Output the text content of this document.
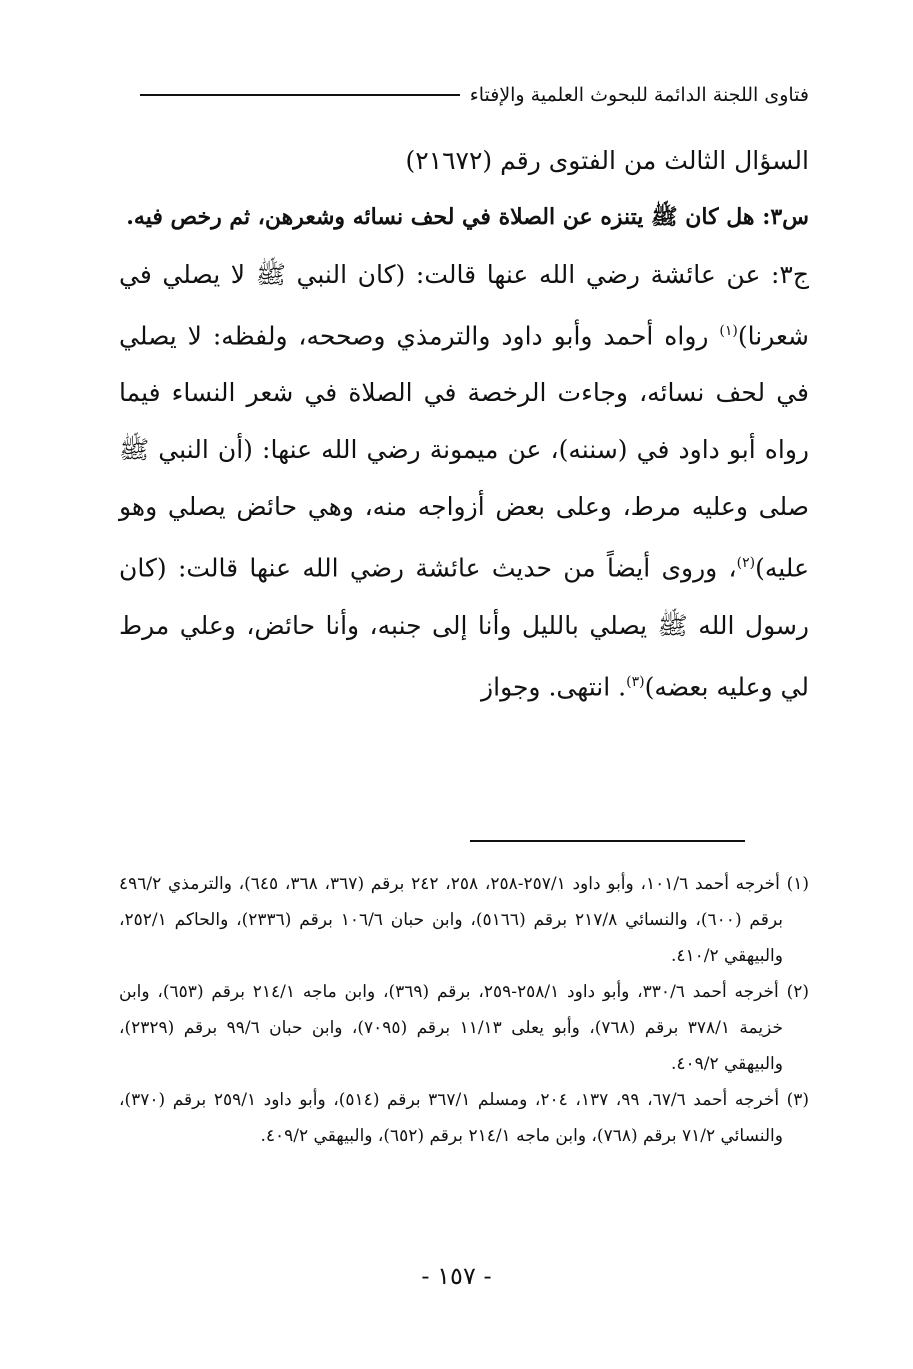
فتاوى اللجنة الدائمة للبحوث العلمية والإفتاء

السؤال الثالث من الفتوى رقم (٢١٦٧٢)

س٣: هل كان ﷺ يتنزه عن الصلاة في لحف نسائه وشعرهن، ثم رخص فيه.

ج٣: عن عائشة رضي الله عنها قالت: (كان النبي ﷺ لا يصلي في شعرنا)$^{(١)}$ رواه أحمد وأبو داود والترمذي وصححه، ولفظه: لا يصلي في لحف نسائه، وجاءت الرخصة في الصلاة في شعر النساء فيما رواه أبو داود في (سننه)، عن ميمونة رضي الله عنها: (أن النبي ﷺ صلى وعليه مرط، وعلى بعض أزواجه منه، وهي حائض يصلي وهو عليه)$^{(٢)}$، وروى أيضاً من حديث عائشة رضي الله عنها قالت: (كان رسول الله ﷺ يصلي بالليل وأنا إلى جنبه، وأنا حائض، وعلي مرط لي وعليه بعضه)$^{(٣)}$. انتهى. وجواز

(١) أخرجه أحمد ١٠١/٦، وأبو داود ٢٥٧/١-٢٥٨، ٢٥٨، ٢٤٢ برقم (٣٦٧، ٣٦٨، ٦٤٥)، والترمذي ٤٩٦/٢ برقم (٦٠٠)، والنسائي ٢١٧/٨ برقم (٥١٦٦)، وابن حبان ١٠٦/٦ برقم (٢٣٣٦)، والحاكم ٢٥٢/١، والبيهقي ٤١٠/٢.

(٢) أخرجه أحمد ٣٣٠/٦، وأبو داود ٢٥٨/١-٢٥٩، برقم (٣٦٩)، وابن ماجه ٢١٤/١ برقم (٦٥٣)، وابن خزيمة ٣٧٨/١ برقم (٧٦٨)، وأبو يعلى ١١/١٣ برقم (٧٠٩٥)، وابن حبان ٩٩/٦ برقم (٢٣٢٩)، والبيهقي ٤٠٩/٢.

(٣) أخرجه أحمد ٦٧/٦، ٩٩، ١٣٧، ٢٠٤، ومسلم ٣٦٧/١ برقم (٥١٤)، وأبو داود ٢٥٩/١ برقم (٣٧٠)، والنسائي ٧١/٢ برقم (٧٦٨)، وابن ماجه ٢١٤/١ برقم (٦٥٢)، والبيهقي ٤٠٩/٢.

- ١٥٧ -
